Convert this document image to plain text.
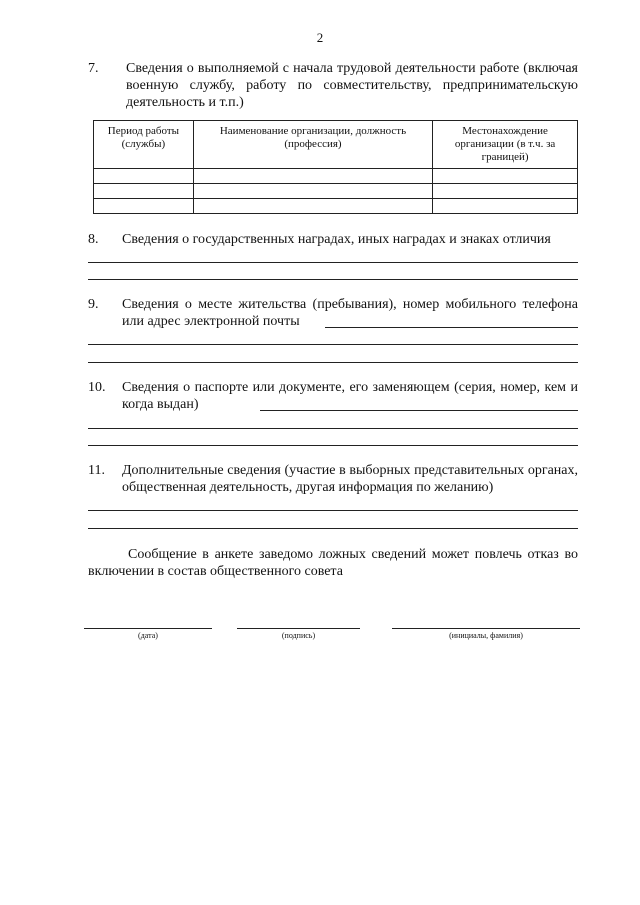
2
7. Сведения о выполняемой с начала трудовой деятельности работе (включая военную службу, работу по совместительству, предпринимательскую деятельность и т.п.)
Период работы (службы)	Наименование организации, должность (профессия)	Местонахождение организации (в т.ч. за границей)

8. Сведения о государственных наградах, иных наградах и знаках отличия
9. Сведения о месте жительства (пребывания), номер мобильного телефона или адрес электронной почты
10. Сведения о паспорте или документе, его заменяющем (серия, номер, кем и когда выдан)
11. Дополнительные сведения (участие в выборных представительных органах, общественная деятельность, другая информация по желанию)
Сообщение в анкете заведомо ложных сведений может повлечь отказ во включении в состав общественного совета
(дата)	(подпись)	(инициалы, фамилия)
